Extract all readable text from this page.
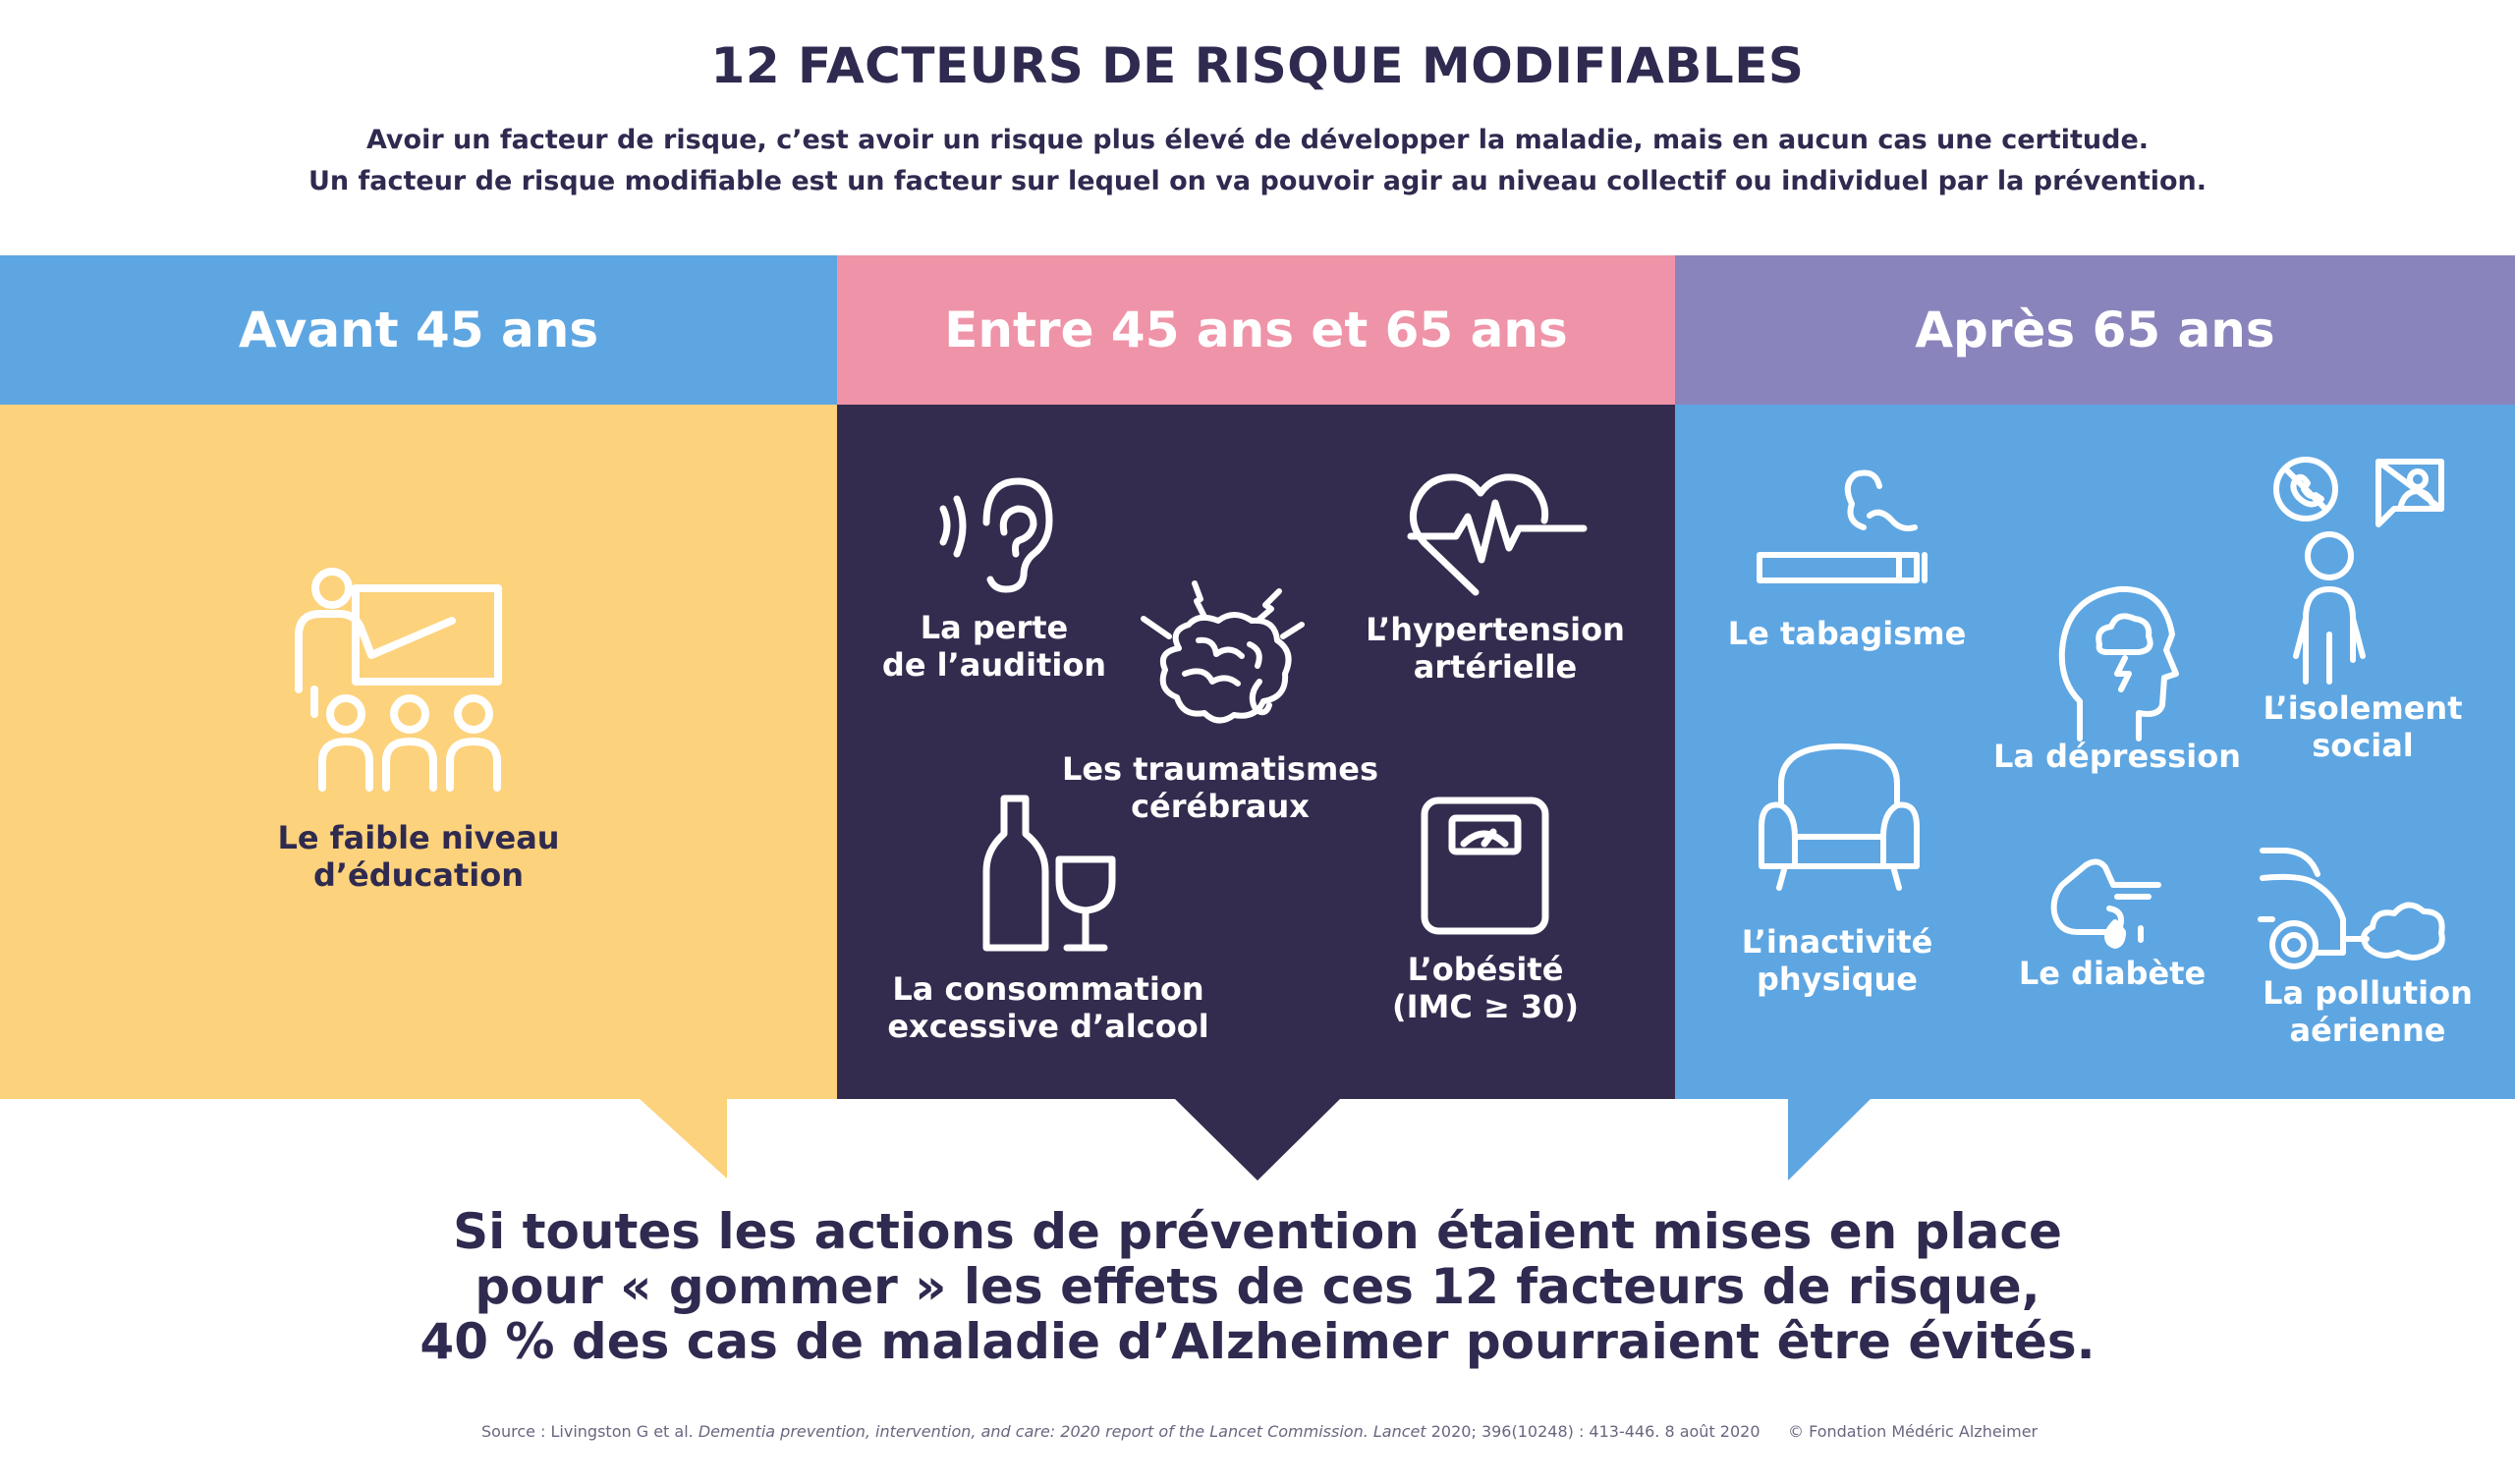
12 FACTEURS DE RISQUE MODIFIABLES
Avoir un facteur de risque, c’est avoir un risque plus élevé de développer la maladie, mais en aucun cas une certitude.
Un facteur de risque modifiable est un facteur sur lequel on va pouvoir agir au niveau collectif ou individuel par la prévention.
Avant 45 ans	Entre 45 ans et 65 ans	Après 65 ans
Le faible niveau
d’éducation
La perte
de l’audition
L’hypertension
artérielle
Les traumatismes
cérébraux
La consommation
excessive d’alcool
L’obésité
(IMC ≥ 30)
Le tabagisme
La dépression
L’isolement
social
L’inactivité
physique	Le diabète
La pollution
aérienne
Si toutes les actions de prévention étaient mises en place
pour « gommer » les effets de ces 12 facteurs de risque,
40 % des cas de maladie d’Alzheimer pourraient être évités.
Source : Livingston G et al. Dementia prevention, intervention, and care: 2020 report of the Lancet Commission. Lancet 2020; 396(10248) : 413-446. 8 août 2020 © Fondation Médéric Alzheimer
